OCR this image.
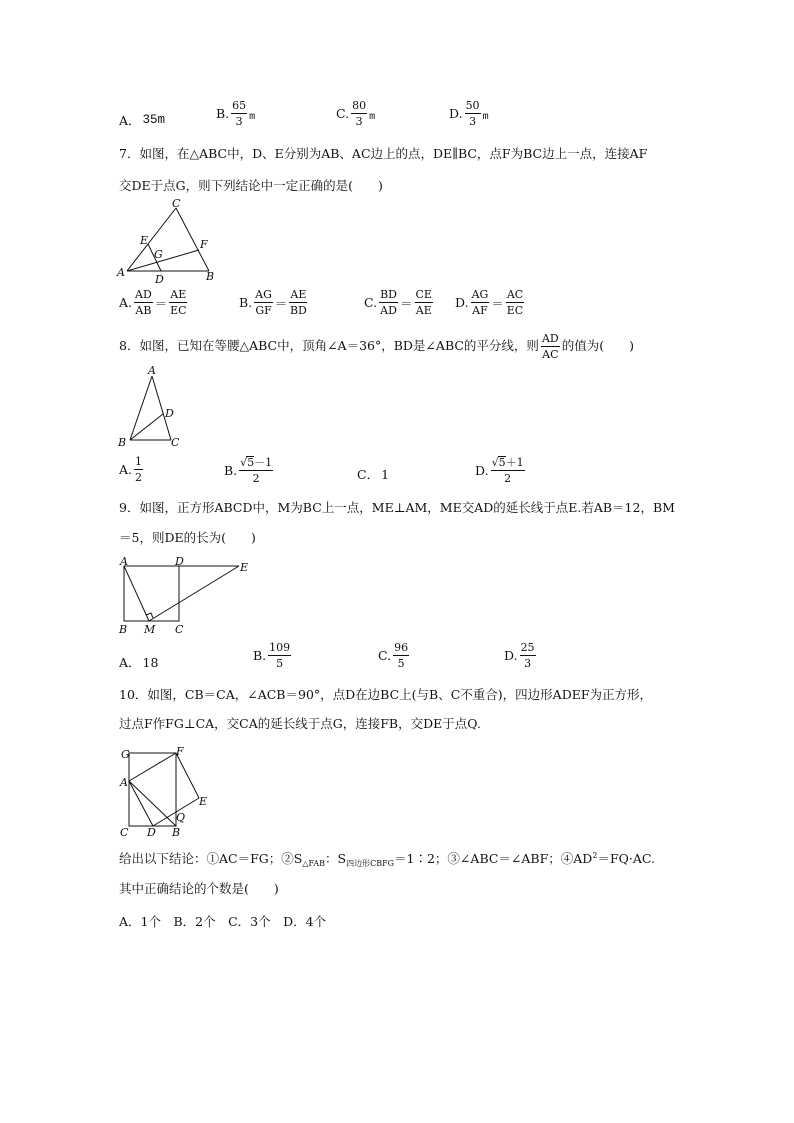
A． 35m	B. $\frac{65}{3}$ m	C. $\frac{80}{3}$ m	D. $\frac{50}{3}$ m
7．如图，在△ABC中，D、E分别为AB、AC边上的点，DE∥BC，点F为BC边上一点，连接AF
交DE于点G，则下列结论中一定正确的是(　　)
A	B
C
D
E	F
G
A. $\frac{AD}{AB} = \frac{AE}{EC}$	B. $\frac{AG}{GF} = \frac{AE}{BD}$	C. $\frac{BD}{AD} = \frac{CE}{AE} D$. $\frac{AG}{AF} = \frac{AC}{EC}$
8．如图，已知在等腰△ABC中，顶角∠A＝36°，BD是∠ABC的平分线，则 $\frac{AD}{AC}$ 的值为(　　)
A
B	C
D
A. $\frac{1}{2}$	B. $\frac{√5-1}{2}$	C． 1	D. $\frac{√5+1}{2}$
9．如图，正方形ABCD中，M为BC上一点，ME⊥AM，ME交AD的延长线于点E.若AB＝12，BM
＝5，则DE的长为(　　)
A
B	C
D	E
M
A． 18	B. $\frac{109}{5}$	C. $\frac{96}{5}$	D. $\frac{25}{3}$
10．如图，CB＝CA，∠ACB＝90°，点D在边BC上(与B、C不重合)，四边形ADEF为正方形，
过点F作FG⊥CA，交CA的延长线于点G，连接FB，交DE于点Q.
G	F
A
E
Q
C D B
给出以下结论：①AC＝FG；$②S_{\triangle FAB}$：$S_{四边形CBFG}=1∶2$；③∠ABC＝∠ABF；$④AD^2=FQ\cdot AC$.
其中正确结论的个数是(　　)
A．1个　B．2个　C．3个　D．4个
